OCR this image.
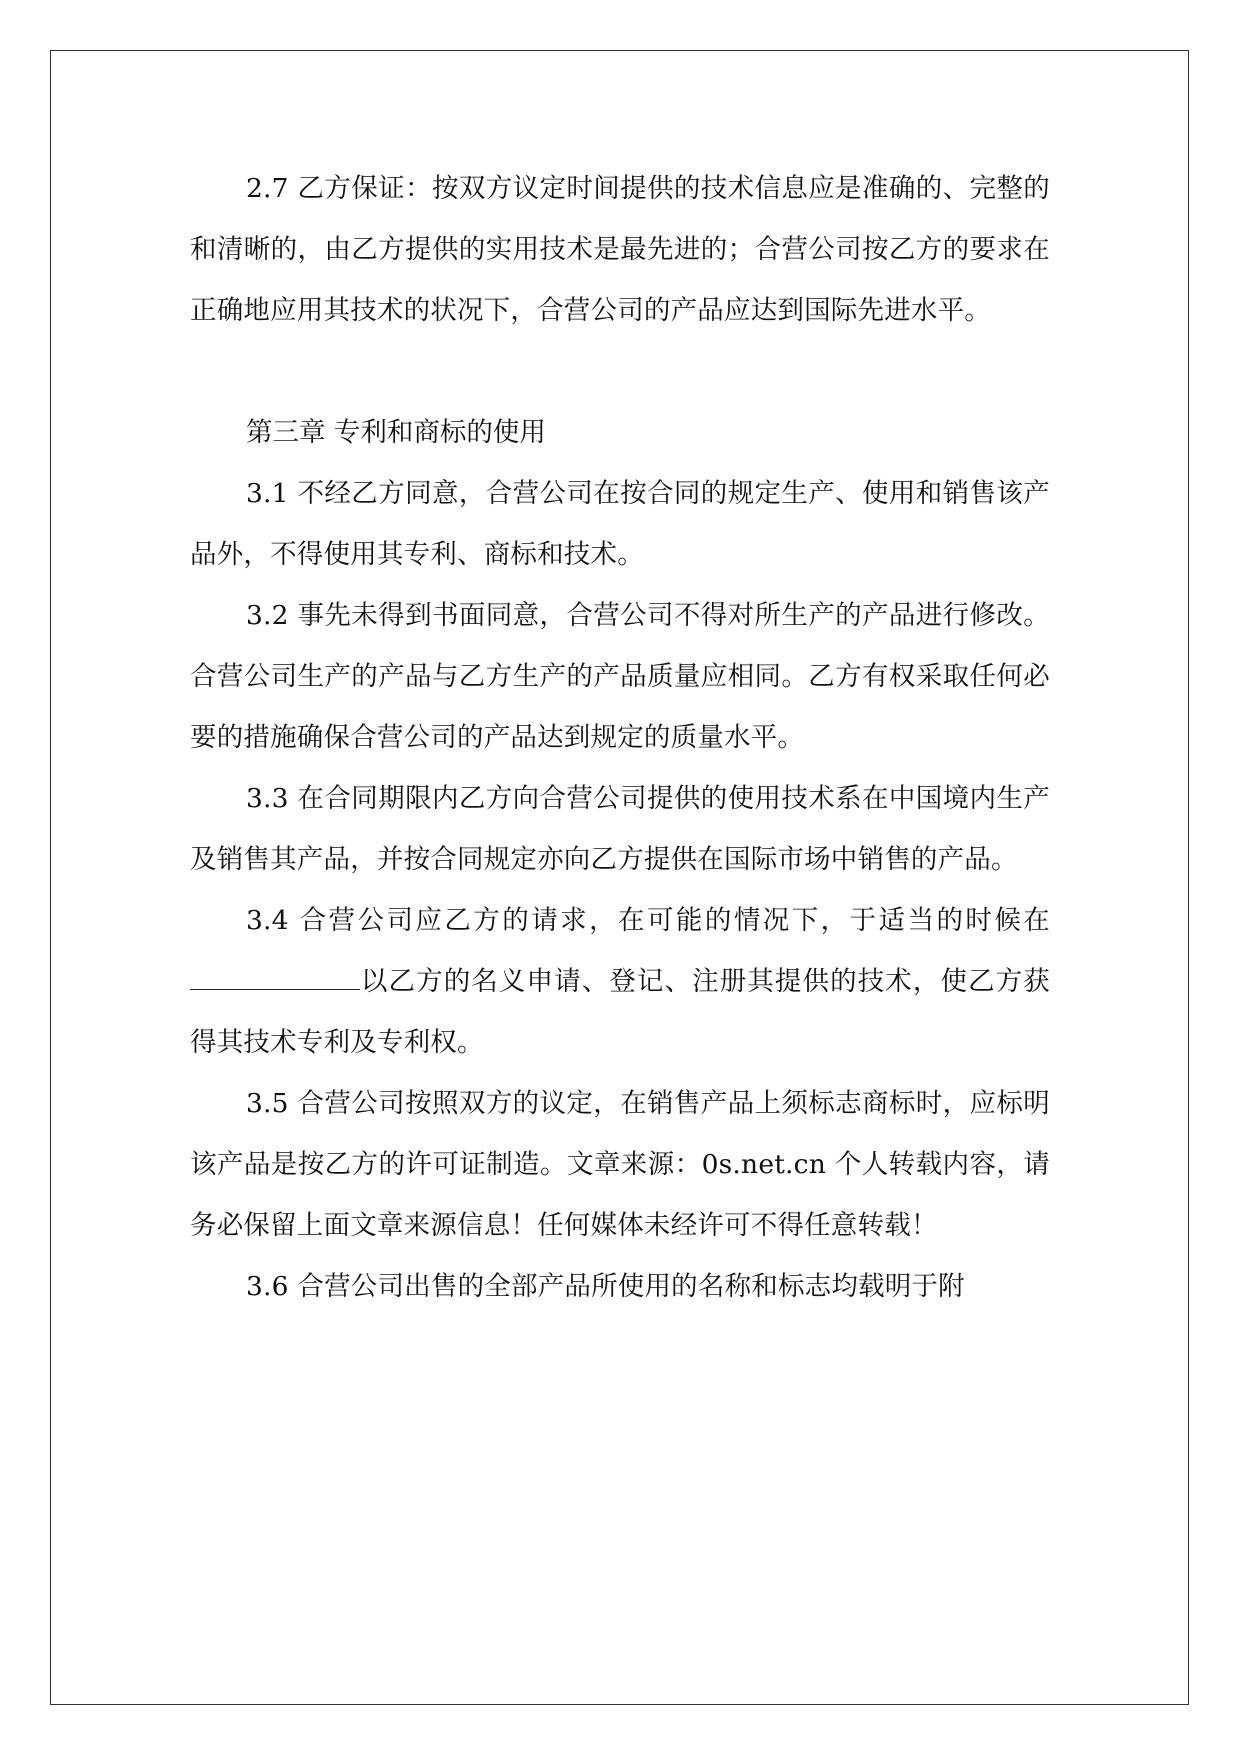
2.7 乙方保证：按双方议定时间提供的技术信息应是准确的、完整的和清晰的，由乙方提供的实用技术是最先进的；合营公司按乙方的要求在正确地应用其技术的状况下，合营公司的产品应达到国际先进水平。

第三章 专利和商标的使用

3.1 不经乙方同意，合营公司在按合同的规定生产、使用和销售该产品外，不得使用其专利、商标和技术。

3.2 事先未得到书面同意，合营公司不得对所生产的产品进行修改。合营公司生产的产品与乙方生产的产品质量应相同。乙方有权采取任何必要的措施确保合营公司的产品达到规定的质量水平。

3.3 在合同期限内乙方向合营公司提供的使用技术系在中国境内生产及销售其产品，并按合同规定亦向乙方提供在国际市场中销售的产品。

3.4 合营公司应乙方的请求，在可能的情况下，于适当的时候在以乙方的名义申请、登记、注册其提供的技术，使乙方获得其技术专利及专利权。

3.5 合营公司按照双方的议定，在销售产品上须标志商标时，应标明该产品是按乙方的许可证制造。文章来源：0s.net.cn 个人转载内容，请务必保留上面文章来源信息！任何媒体未经许可不得任意转载！

3.6 合营公司出售的全部产品所使用的名称和标志均载明于附
